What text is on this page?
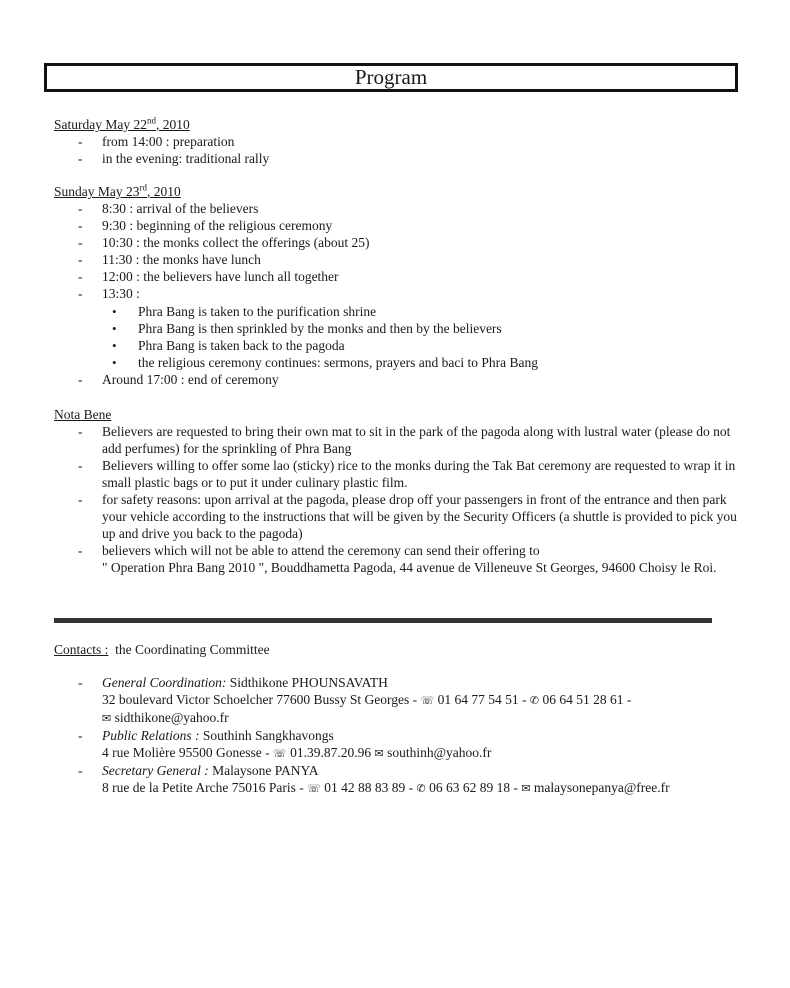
Program
Saturday May 22nd, 2010
- from 14:00 : preparation
- in the evening: traditional rally
Sunday May 23rd, 2010
- 8:30 : arrival of the believers
- 9:30 : beginning of the religious ceremony
- 10:30 : the monks collect the offerings (about 25)
- 11:30 : the monks have lunch
- 12:00 : the believers have lunch all together
- 13:30 :
• Phra Bang is taken to the purification shrine
• Phra Bang is then sprinkled by the monks and then by the believers
• Phra Bang is taken back to the pagoda
• the religious ceremony continues: sermons, prayers and baci to Phra Bang
- Around 17:00 : end of ceremony
Nota Bene
- Believers are requested to bring their own mat to sit in the park of the pagoda along with lustral water (please do not add perfumes) for the sprinkling of Phra Bang
- Believers willing to offer some lao (sticky) rice to the monks during the Tak Bat ceremony are requested to wrap it in small plastic bags or to put it under culinary plastic film.
- for safety reasons: upon arrival at the pagoda, please drop off your passengers in front of the entrance and then park your vehicle according to the instructions that will be given by the Security Officers (a shuttle is provided to pick you up and drive you back to the pagoda)
- believers which will not be able to attend the ceremony can send their offering to
" Operation Phra Bang 2010 ", Bouddhametta Pagoda, 44 avenue de Villeneuve St Georges, 94600 Choisy le Roi.
Contacts : the Coordinating Committee
- General Coordination: Sidthikone PHOUNSAVATH
32 boulevard Victor Schoelcher 77600 Bussy St Georges - ☏ 01 64 77 54 51 - ✆ 06 64 51 28 61 -
✉ sidthikone@yahoo.fr
- Public Relations : Southinh Sangkhavongs
4 rue Molière 95500 Gonesse - ☏ 01.39.87.20.96 ✉ southinh@yahoo.fr
- Secretary General : Malaysone PANYA
8 rue de la Petite Arche 75016 Paris - ☏ 01 42 88 83 89 - ✆ 06 63 62 89 18 - ✉ malaysonepanya@free.fr
